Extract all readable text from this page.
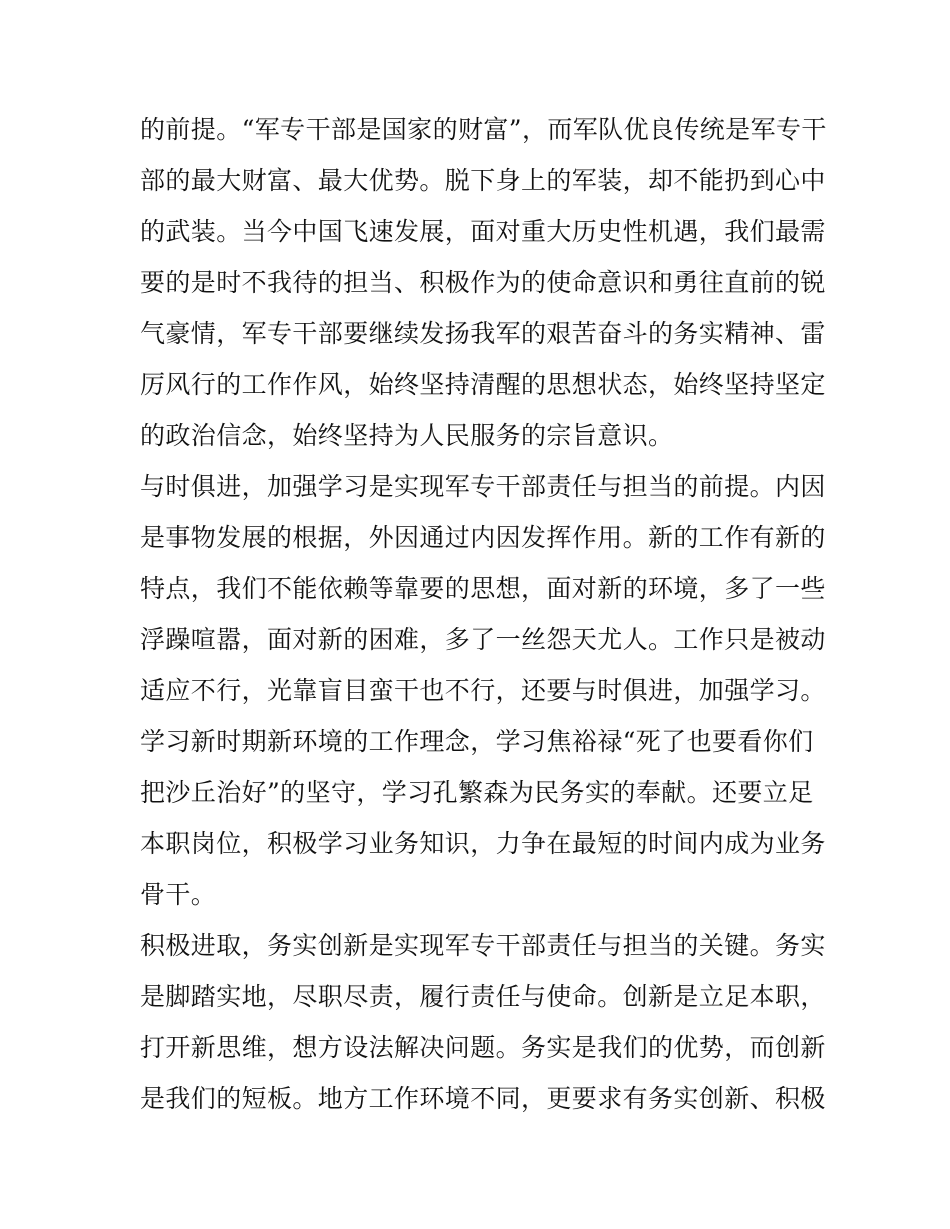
的前提。“军专干部是国家的财富”，而军队优良传统是军专干
部的最大财富、最大优势。脱下身上的军装，却不能扔到心中
的武装。当今中国飞速发展，面对重大历史性机遇，我们最需
要的是时不我待的担当、积极作为的使命意识和勇往直前的锐
气豪情，军专干部要继续发扬我军的艰苦奋斗的务实精神、雷
厉风行的工作作风，始终坚持清醒的思想状态，始终坚持坚定
的政治信念，始终坚持为人民服务的宗旨意识。
与时俱进，加强学习是实现军专干部责任与担当的前提。内因
是事物发展的根据，外因通过内因发挥作用。新的工作有新的
特点，我们不能依赖等靠要的思想，面对新的环境，多了一些
浮躁喧嚣，面对新的困难，多了一丝怨天尤人。工作只是被动
适应不行，光靠盲目蛮干也不行，还要与时俱进，加强学习。
学习新时期新环境的工作理念，学习焦裕禄“死了也要看你们
把沙丘治好”的坚守，学习孔繁森为民务实的奉献。还要立足
本职岗位，积极学习业务知识，力争在最短的时间内成为业务
骨干。
积极进取，务实创新是实现军专干部责任与担当的关键。务实
是脚踏实地，尽职尽责，履行责任与使命。创新是立足本职，
打开新思维，想方设法解决问题。务实是我们的优势，而创新
是我们的短板。地方工作环境不同，更要求有务实创新、积极
